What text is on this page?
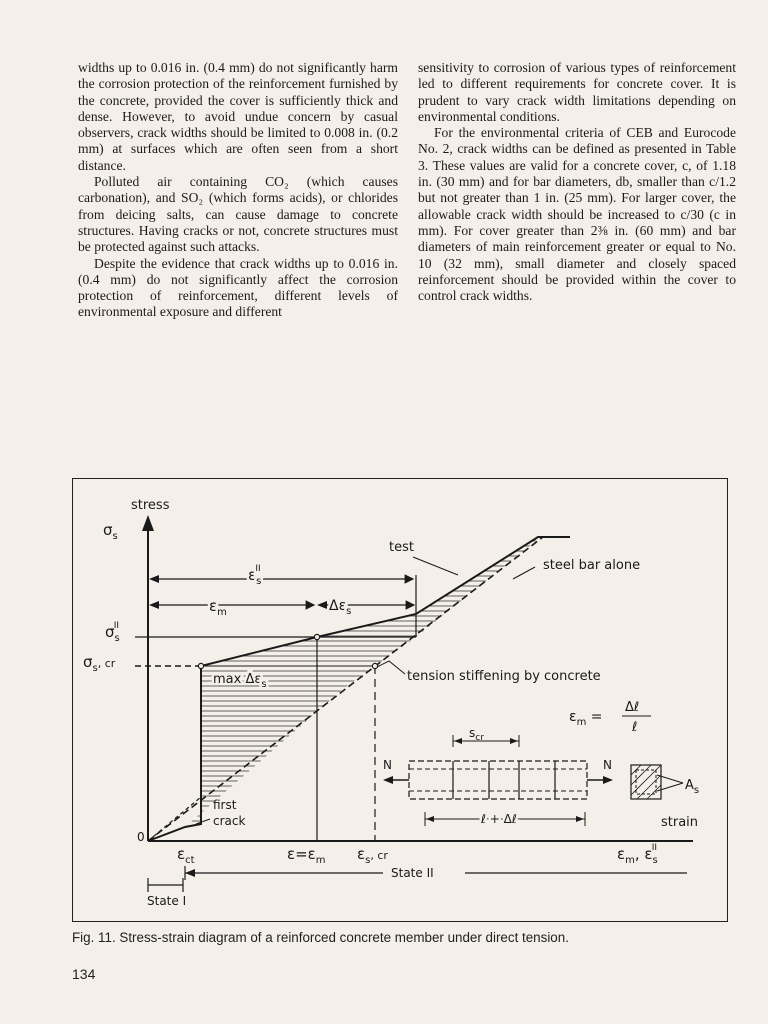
widths up to 0.016 in. (0.4 mm) do not significantly harm the corrosion protection of the reinforcement furnished by the concrete, provided the cover is sufficiently thick and dense. However, to avoid undue concern by casual observers, crack widths should be limited to 0.008 in. (0.2 mm) at surfaces which are often seen from a short distance.

Polluted air containing CO₂ (which causes carbonation), and SO₂ (which forms acids), or chlorides from deicing salts, can cause damage to concrete structures. Having cracks or not, concrete structures must be protected against such attacks.

Despite the evidence that crack widths up to 0.016 in. (0.4 mm) do not significantly affect the corrosion protection of reinforcement, different levels of environmental exposure and different

sensitivity to corrosion of various types of reinforcement led to different requirements for concrete cover. It is prudent to vary crack width limitations depending on environmental conditions.

For the environmental criteria of CEB and Eurocode No. 2, crack widths can be defined as presented in Table 3. These values are valid for a concrete cover, c, of 1.18 in. (30 mm) and for bar diameters, db, smaller than c/1.2 but not greater than 1 in. (25 mm). For larger cover, the allowable crack width should be increased to c/30 (c in mm). For cover greater than 2⅜ in. (60 mm) and bar diameters of main reinforcement greater or equal to No. 10 (32 mm), small diameter and closely spaced reinforcement should be provided within the cover to control crack widths.

stress
$\sigma_s$
$\sigma_sII$
$\sigma_s^{, cr}$
$\varepsilon_sII$
$\varepsilon_m$	$\Delta\varepsilon_s$
test
steel bar alone
$\max \Delta\varepsilon_s$
tension stiffening by concrete
$\varepsilon_m$ =
Δℓ
ℓ
$s_{cr}$
N	N
ℓ + Δℓ
$A_s$
first
crack	strain
0
$\varepsilon_{ct}$	$\varepsilon=\varepsilon_m$ $\varepsilon_s^{, cr}$	$\varepsilon_m$, $\varepsilon_sII$
State II
State I
Fig. 11. Stress-strain diagram of a reinforced concrete member under direct tension.
134
